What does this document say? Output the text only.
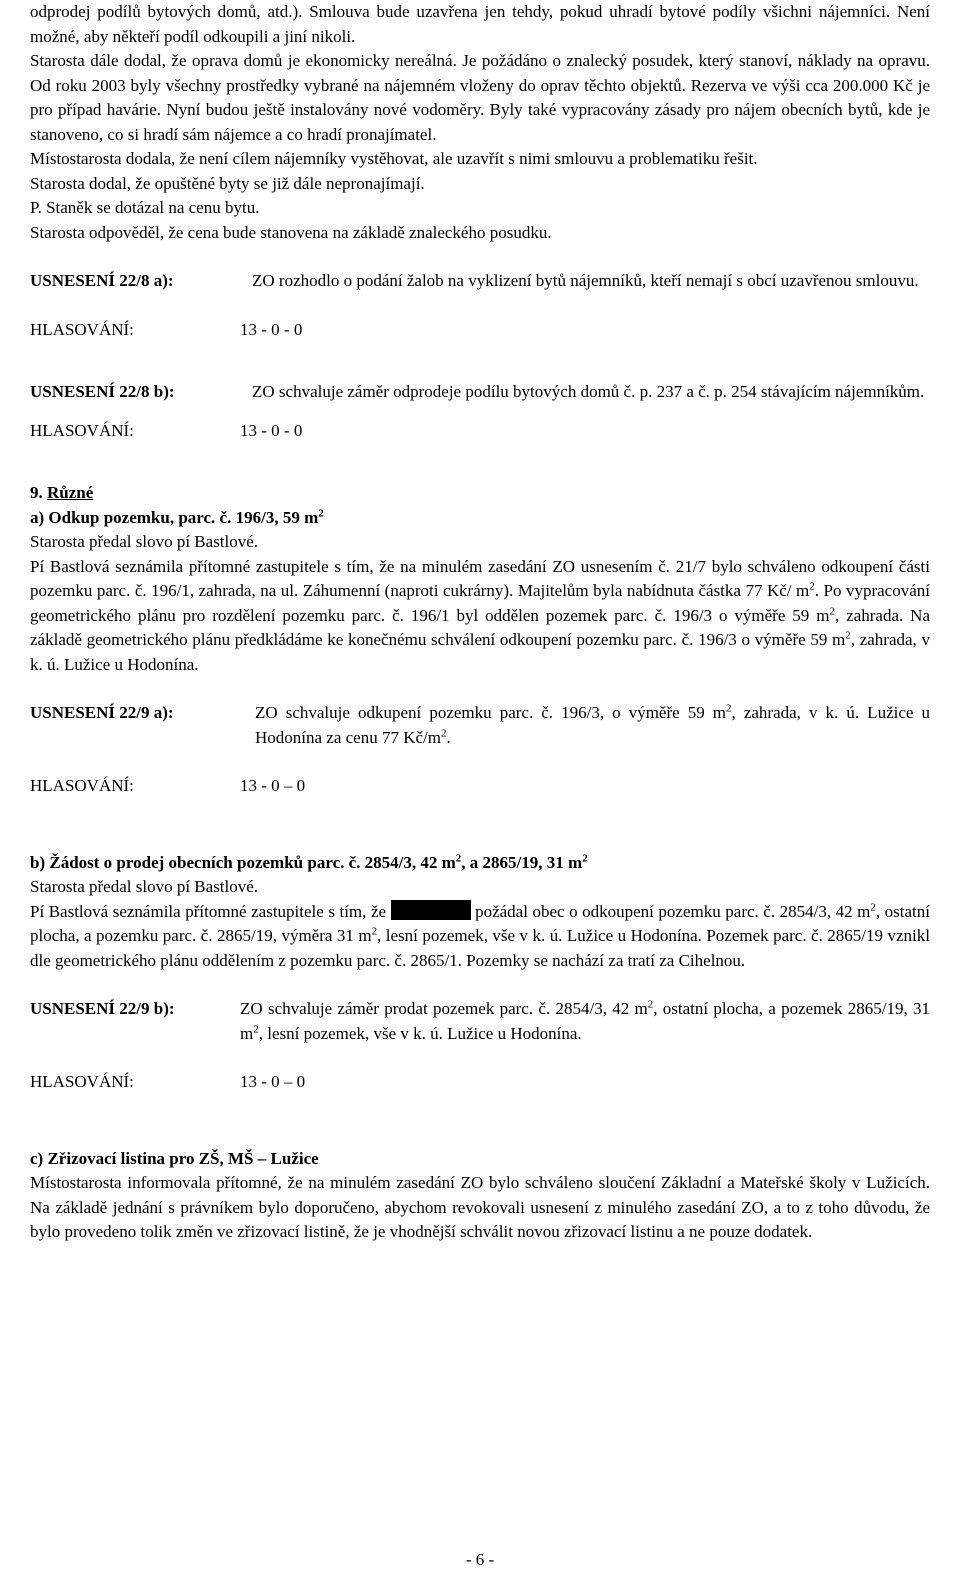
odprodej podílů bytových domů, atd.). Smlouva bude uzavřena jen tehdy, pokud uhradí bytové podíly všichni nájemníci. Není možné, aby někteří podíl odkoupili a jiní nikoli.

Starosta dále dodal, že oprava domů je ekonomicky nereálná. Je požádáno o znalecký posudek, který stanoví, náklady na opravu. Od roku 2003 byly všechny prostředky vybrané na nájemném vloženy do oprav těchto objektů. Rezerva ve výši cca 200.000 Kč je pro případ havárie. Nyní budou ještě instalovány nové vodoměry. Byly také vypracovány zásady pro nájem obecních bytů, kde je stanoveno, co si hradí sám nájemce a co hradí pronajímatel.

Místostarosta dodala, že není cílem nájemníky vystěhovat, ale uzavřít s nimi smlouvu a problematiku řešit.

Starosta dodal, že opuštěné byty se již dále nepronajímají.

P. Staněk se dotázal na cenu bytu.

Starosta odpověděl, že cena bude stanovena na základě znaleckého posudku.

USNESENÍ 22/8 a):	ZO rozhodlo o podání žalob na vyklizení bytů nájemníků, kteří nemají s obcí uzavřenou smlouvu.
HLASOVÁNÍ:	13 - 0 - 0
USNESENÍ 22/8 b):	ZO schvaluje záměr odprodeje podílu bytových domů č. p. 237 a č. p. 254 stávajícím nájemníkům.
HLASOVÁNÍ:	13 - 0 - 0
9. Různé
a) Odkup pozemku, parc. č. 196/3, 59 $m^2$

Starosta předal slovo pí Bastlové.

Pí Bastlová seznámila přítomné zastupitele s tím, že na minulém zasedání ZO usnesením č. 21/7 bylo schváleno odkoupení části pozemku parc. č. 196/1, zahrada, na ul. Záhumenní (naproti cukrárny). Majitelům byla nabídnuta částka 77 Kč/ $m^2$. Po vypracování geometrického plánu pro rozdělení pozemku parc. č. 196/1 byl oddělen pozemek parc. č. 196/3 o výměře 59 $m^2$, zahrada. Na základě geometrického plánu předkládáme ke konečnému schválení odkoupení pozemku parc. č. 196/3 o výměře 59 $m^2$, zahrada, v k. ú. Lužice u Hodonína.

USNESENÍ 22/9 a):	ZO schvaluje odkupení pozemku parc. č. 196/3, o výměře 59 $m^2$, zahrada, v k. ú. Lužice u Hodonína za cenu 77 $Kč/m^2$.
HLASOVÁNÍ:	13 - 0 – 0
b) Žádost o prodej obecních pozemků parc. č. 2854/3, 42 $m^2$, a 2865/19, 31 $m^2$

Starosta předal slovo pí Bastlové.

Pí Bastlová seznámila přítomné zastupitele s tím, že	požádal obec o odkoupení pozemku parc. č. 2854/3, 42 $m^2$, ostatní plocha, a pozemku parc. č. 2865/19, výměra 31 $m^2$, lesní pozemek, vše v k. ú. Lužice u Hodonína. Pozemek parc. č. 2865/19 vznikl dle geometrického plánu oddělením z pozemku parc. č. 2865/1. Pozemky se nachází za tratí za Cihelnou.

USNESENÍ 22/9 b):	ZO schvaluje záměr prodat pozemek parc. č. 2854/3, 42 $m^2$, ostatní plocha, a pozemek 2865/19, 31 $m^2$, lesní pozemek, vše v k. ú. Lužice u Hodonína.
HLASOVÁNÍ:	13 - 0 – 0
c) Zřizovací listina pro ZŠ, MŠ – Lužice

Místostarosta informovala přítomné, že na minulém zasedání ZO bylo schváleno sloučení Základní a Mateřské školy v Lužicích. Na základě jednání s právníkem bylo doporučeno, abychom revokovali usnesení z minulého zasedání ZO, a to z toho důvodu, že bylo provedeno tolik změn ve zřizovací listině, že je vhodnější schválit novou zřizovací listinu a ne pouze dodatek.

- 6 -
